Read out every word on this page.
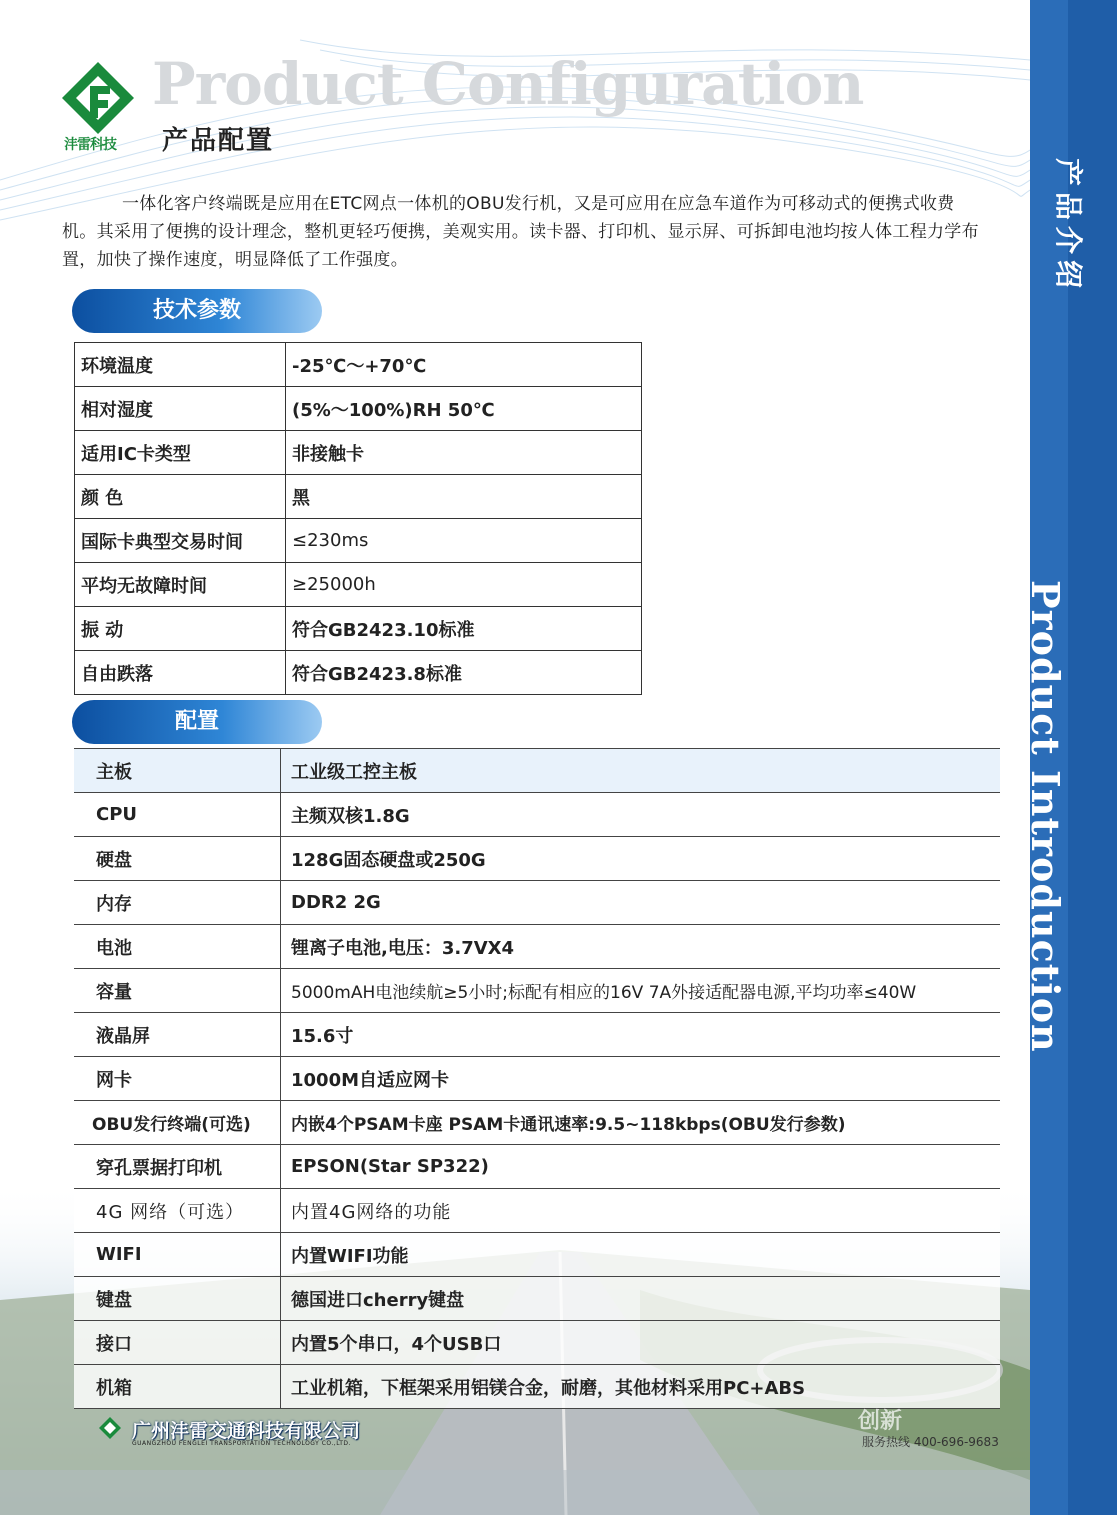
产
品
介
绍
Product Introduction
沣雷科技
Product Configuration
产品配置

一体化客户终端既是应用在ETC网点一体机的OBU发行机，又是可应用在应急车道作为可移动式的便携式收费机。其采用了便携的设计理念，整机更轻巧便携，美观实用。读卡器、打印机、显示屏、可拆卸电池均按人体工程力学布置，加快了操作速度，明显降低了工作强度。

技术参数
环境温度	-25℃～+70℃
相对湿度	(5%～100%)RH 50℃
适用IC卡类型	非接触卡
颜 色	黑
国际卡典型交易时间	≤230ms
平均无故障时间	≥25000h
振 动	符合GB2423.10标准
自由跌落	符合GB2423.8标准
配置
主板	工业级工控主板
CPU	主频双核1.8G
硬盘	128G固态硬盘或250G
内存	DDR2 2G
电池	锂离子电池,电压：3.7VX4
容量	5000mAH电池续航≥5小时;标配有相应的16V 7A外接适配器电源,平均功率≤40W
液晶屏	15.6寸
网卡	1000M自适应网卡
OBU发行终端(可选)	内嵌4个PSAM卡座 PSAM卡通讯速率:9.5~118kbps(OBU发行参数)
穿孔票据打印机	EPSON(Star SP322)
4G 网络（可选）	内置4G网络的功能
WIFI	内置WIFI功能
键盘	德国进口cherry键盘
接口	内置5个串口，4个USB口
机箱	工业机箱，下框架采用铝镁合金，耐磨，其他材料采用PC+ABS
广州沣雷交通科技有限公司
GUANGZHOU FENGLEI TRANSPORTATION TECHNOLOGY CO.,LTD.
创新
服务热线 400-696-9683
